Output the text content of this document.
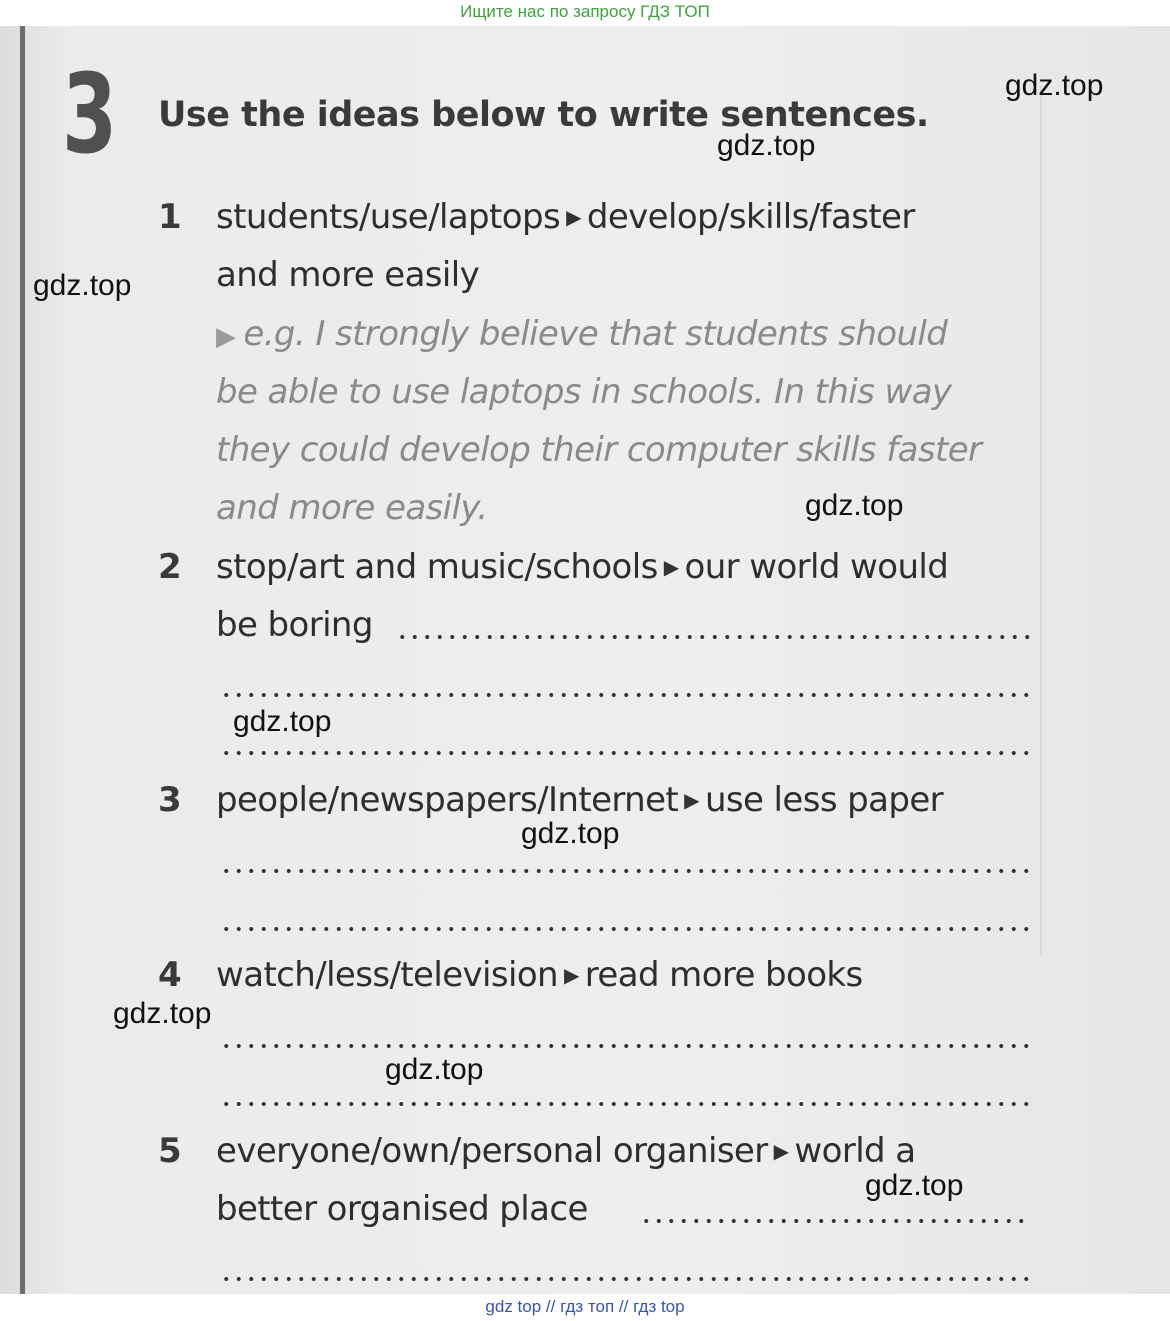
Ищите нас по запросу ГДЗ ТОП
3 Use the ideas below to write sentences.
1 students/use/laptops ▶ develop/skills/faster
and more easily
▶ e.g. I strongly believe that students should
be able to use laptops in schools. In this way
they could develop their computer skills faster
and more easily.
2 stop/art and music/schools ▶ our world would
be boring
3 people/newspapers/Internet ▶ use less paper
4 watch/less/television ▶ read more books
5 everyone/own/personal organiser ▶ world a
better organised place
gdz.top
gdz.top
gdz.top
gdz.top
gdz.top
gdz.top
gdz.top
gdz.top
gdz.top
gdz top // гдз топ // гдз top
